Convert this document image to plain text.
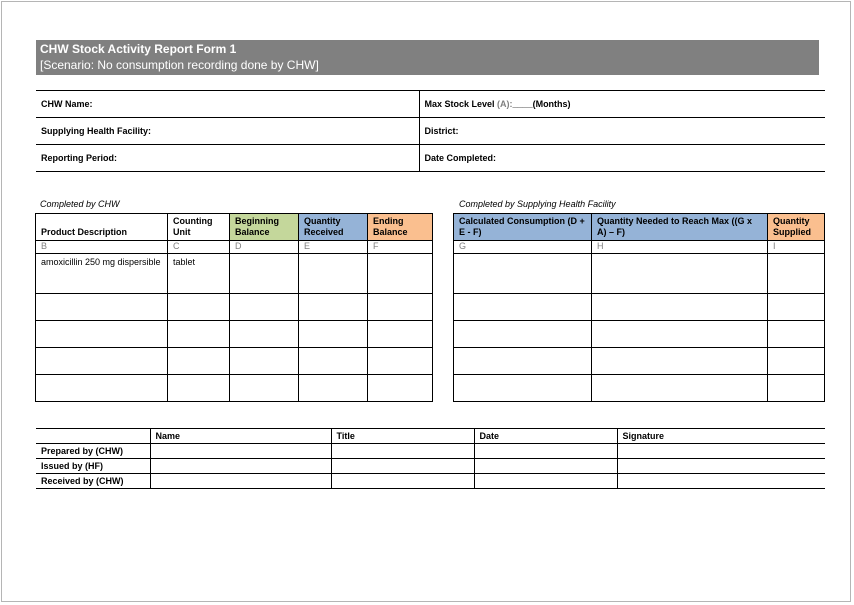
CHW Stock Activity Report Form 1
[Scenario: No consumption recording done by CHW]
CHW Name:	Max Stock Level (A):____(Months)
Supplying Health Facility:	District:
Reporting Period:	Date Completed:
Completed by CHW	Completed by Supplying Health Facility
Product Description	Counting Unit	Beginning Balance	Quantity Received	Ending Balance
B	C	D	E	F
amoxicillin 250 mg dispersible	tablet			

Calculated Consumption (D + E - F)	Quantity Needed to Reach Max ((G x A) – F)	Quantity Supplied
G	H	I

	Name	Title	Date	Signature
Prepared by (CHW)				
Issued by (HF)				
Received by (CHW)				
